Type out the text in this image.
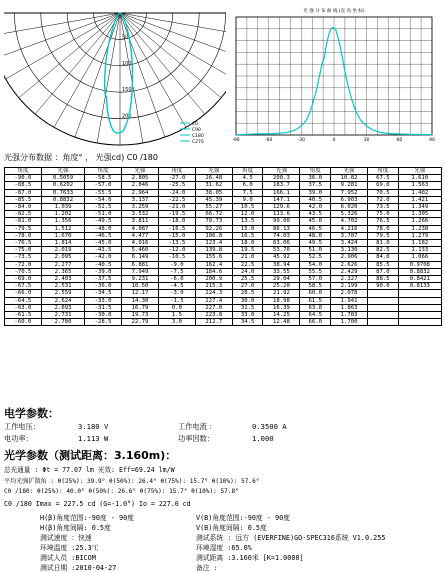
200
150
100
50
C0
C90
C180
C270
光 强 分 布 曲 线 (直 角 坐 标)
-90	-60	-30	0	30	60	90
光强分布数据 ：角度° ， 光强cd) C0 /180
角度	光强	角度	光强	角度	光强	角度	光强	角度	光强	角度	光强
-90.0	0.5059	-58.5	2.805	-27.0	26.48	4.5	200.3	36.0	10.82	67.5	1.610
-88.5	0.6202	-57.0	2.846	-25.5	31.62	6.0	183.7	37.5	9.281	69.0	1.563
-87.0	0.7633	-55.5	2.964	-24.0	38.05	7.5	166.1	39.0	7.952	70.5	1.402
-85.5	0.8832	-54.0	3.137	-22.5	45.39	9.0	147.1	40.5	6.903	72.0	1.421
-84.0	1.039	-52.5	3.259	-21.0	55.27	10.5	129.6	42.0	6.020	73.5	1.349
-82.5	1.202	-51.0	3.532	-19.5	66.72	12.0	113.6	43.5	5.326	75.0	1.305
-81.0	1.356	-49.5	3.811	-18.0	79.73	13.5	99.00	45.0	4.702	76.5	1.266
-79.5	1.512	-48.0	4.087	-16.5	92.26	15.0	86.13	46.5	4.216	78.0	1.238
-78.0	1.670	-46.5	4.477	-15.0	106.8	16.5	74.03	48.0	3.787	79.5	1.279
-76.5	1.814	-45.0	4.916	-13.5	123.4	18.0	63.06	49.5	3.424	81.0	1.182
-75.0	2.019	-43.5	5.460	-12.0	139.8	19.5	53.70	51.0	3.130	82.5	1.133
-73.5	2.095	-42.0	6.149	-10.5	155.6	21.0	45.92	52.5	2.906	84.0	1.066
-72.0	2.277	-40.5	6.881	-9.0	162.4	22.5	38.94	54.0	2.626	85.5	0.9708
-70.5	2.365	-39.0	7.949	-7.5	184.6	24.0	33.55	55.5	2.429	87.0	0.8832
-69.0	2.403	-37.5	9.231	-6.0	200.9	25.5	29.04	57.0	2.327	88.5	0.8421
-67.5	2.531	-36.0	10.50	-4.5	215.3	27.0	25.20	58.5	2.199	90.0	0.8133
-66.0	2.559	-34.5	12.17	-3.0	224.3	28.5	21.92	60.0	2.078		
-64.5	2.624	-33.0	14.30	-1.5	227.4	30.0	18.98	61.5	1.941		
-63.0	2.693	-31.5	16.79	0.0	227.0	31.5	16.39	63.0	1.863		
-61.5	2.731	-30.0	19.73	1.5	223.8	33.0	14.25	64.5	1.783		
-60.0	2.780	-28.5	22.79	3.0	212.7	34.5	12.48	66.0	1.700		
电学参数：
工作电压：	3.180 V	工作电流 ：	0.3500 A
电功率：	1.113 W	功率因数：	1.000
光学参数（测试距离：3.160m)：
总光通量 : Φt = 77.07 lm 光效: Eff=69.24 lm/W
平均光强扩散角 : θ(25%): 39.9° θ(50%): 26.4° θ(75%): 15.7° θ(10%): 57.6°
C0 /180: θ(25%): 40.0° θ(50%): 26.6° θ(75%): 15.7° θ(10%): 57.8°
C0 /180 Imax = 227.5 cd (G=-1.0°) Io = 227.0 cd
H(β)角度范围:-90度 - 90度
H(β)角度间隔: 0.5度
测试速度 ：快速
环境温度 :25.3℃
测试人员 :BICOM
测试日期 :2010-04-27
V(B)角度范围:-90度 - 90度
V(B)角度间隔: 0.5度
测试系统 : 远方 (EVERFINE)GO-SPEC316系统 V1.0.255
环境湿度 :65.0%
测试距离 :3.160米 [K=1.0000]
备注 :
